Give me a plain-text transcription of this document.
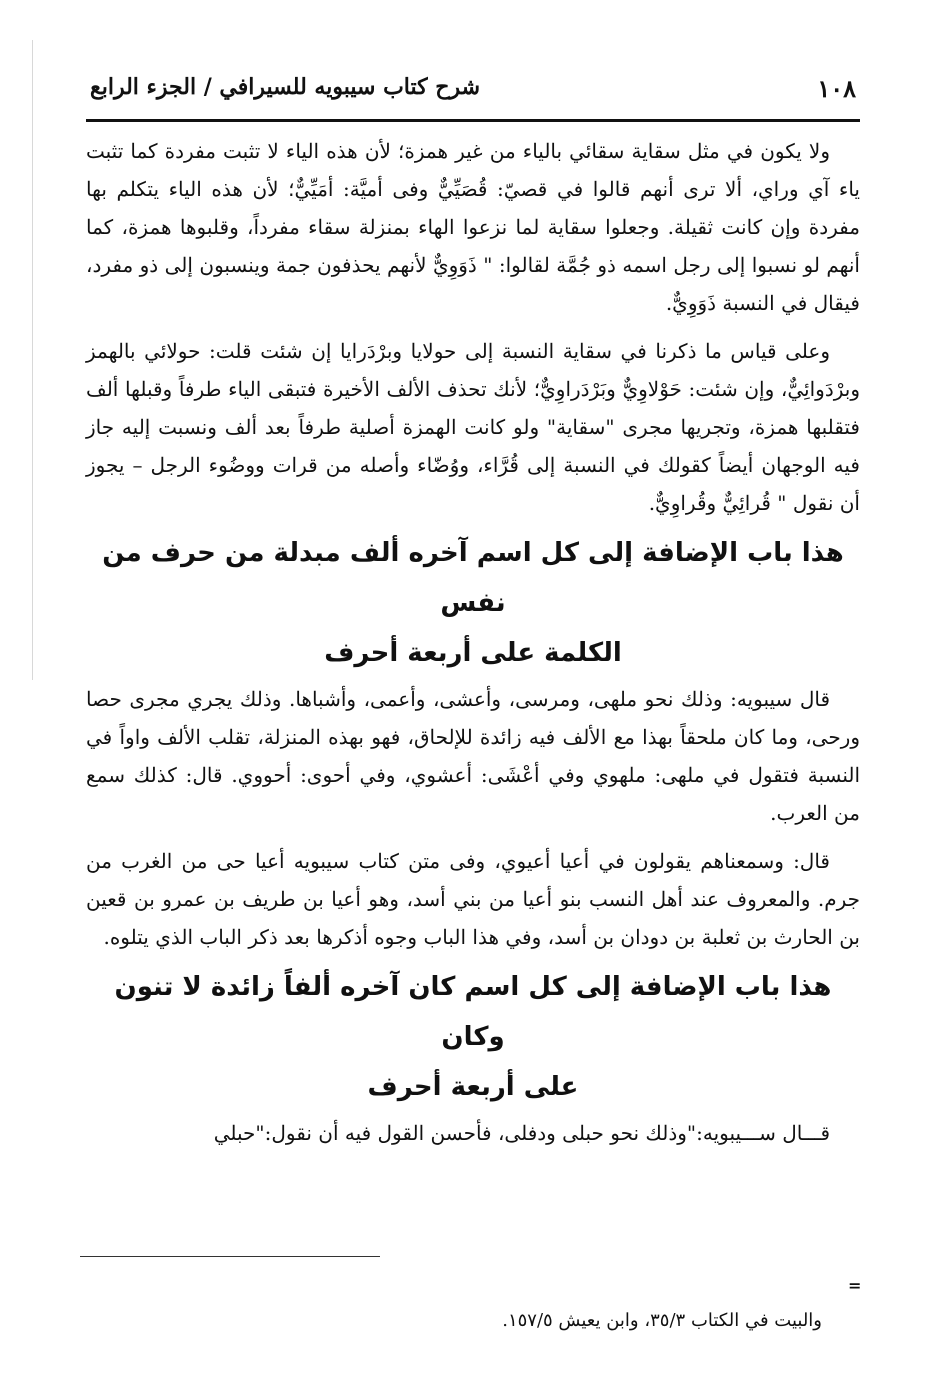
١٠٨
شرح كتاب سيبويه للسيرافي / الجزء الرابع

ولا يكون في مثل سقاية سقائي بالياء من غير همزة؛ لأن هذه الياء لا تثبت مفردة كما تثبت ياء آي وراي، ألا ترى أنهم قالوا في قصيّ: قُصَيِّيٌّ وفى أميَّة: أمَيِّيٌّ؛ لأن هذه الياء يتكلم بها مفردة وإن كانت ثقيلة. وجعلوا سقاية لما نزعوا الهاء بمنزلة سقاء مفرداً، وقلبوها همزة، كما أنهم لو نسبوا إلى رجل اسمه ذو جُمَّة لقالوا: " ذَوَوِيٌّ لأنهم يحذفون جمة وينسبون إلى ذو مفرد، فيقال في النسبة ذَوَوِيٌّ.

وعلى قياس ما ذكرنا في سقاية النسبة إلى حولايا وبرْدَرايا إن شئت قلت: حولائي بالهمز وبرْدَوائِيٌّ، وإن شئت: حَوْلاوِيٌّ وبَرْدَراوِيٌّ؛ لأنك تحذف الألف الأخيرة فتبقى الياء طرفاً وقبلها ألف فتقلبها همزة، وتجريها مجرى "سقاية" ولو كانت الهمزة أصلية طرفاً بعد ألف ونسبت إليه جاز فيه الوجهان أيضاً كقولك في النسبة إلى قُرَّاء، ووُضّاء وأصله من قرات ووضُوء الرجل – يجوز أن نقول " قُرائِيٌّ وقُراوِيٌّ.

هذا باب الإضافة إلى كل اسم آخره ألف مبدلة من حرف من نفس
الكلمة على أربعة أحرف

قال سيبويه: وذلك نحو ملهى، ومرسى، وأعشى، وأعمى، وأشباها. وذلك يجري مجرى حصا ورحى، وما كان ملحقاً بهذا مع الألف فيه زائدة للإلحاق، فهو بهذه المنزلة، تقلب الألف واواً في النسبة فتقول في ملهى: ملهوي وفي أعْشَى: أعشوي، وفي أحوى: أحووي. قال: كذلك سمع من العرب.

قال: وسمعناهم يقولون في أعيا أعيوي، وفى متن كتاب سيبويه أعيا حى من الغرب من جرم. والمعروف عند أهل النسب بنو أعيا من بني أسد، وهو أعيا بن طريف بن عمرو بن قعين بن الحارث بن ثعلبة بن دودان بن أسد، وفي هذا الباب وجوه أذكرها بعد ذكر الباب الذي يتلوه.

هذا باب الإضافة إلى كل اسم كان آخره ألفاً زائدة لا تنون وكان
على أربعة أحرف

قـــال ســـيبويه:"وذلك نحو حبلى ودفلى، فأحسن القول فيه أن نقول:"حبلي

=
والبيت في الكتاب ٣٥/٣، وابن يعيش ١٥٧/٥.
